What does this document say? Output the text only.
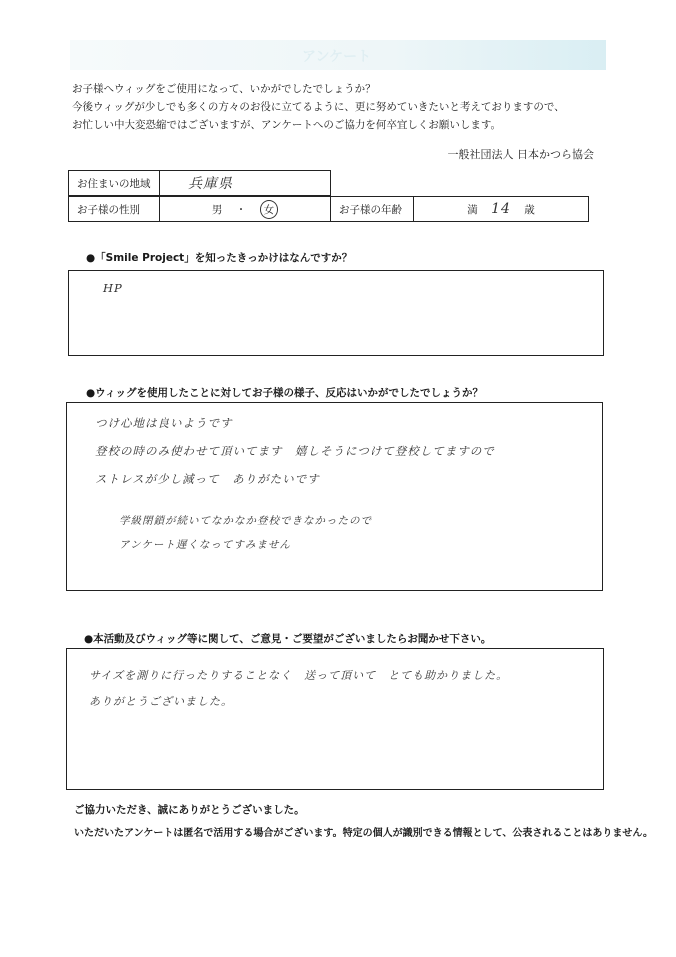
アンケート
お子様へウィッグをご使用になって、いかがでしたでしょうか？
今後ウィッグが少しでも多くの方々のお役に立てるように、更に努めていきたいと考えておりますので、
お忙しい中大変恐縮ではございますが、アンケートへのご協力を何卒宜しくお願いします。
一般社団法人 日本かつら協会
お住まいの地域	兵庫県
お子様の性別	男 ・ 女	お子様の年齢	満 14 歳
●「Smile Project」を知ったきっかけはなんですか？
HP
●ウィッグを使用したことに対してお子様の様子、反応はいかがでしたでしょうか？
つけ心地は良いようです
登校の時のみ使わせて頂いてます　嬉しそうにつけて登校してますので
ストレスが少し減って　ありがたいです
学級閉鎖が続いてなかなか登校できなかったので
アンケート遅くなってすみません
●本活動及びウィッグ等に関して、ご意見・ご要望がございましたらお聞かせ下さい。
サイズを測りに行ったりすることなく　送って頂いて　とても助かりました。
ありがとうございました。
ご協力いただき、誠にありがとうございました。
いただいたアンケートは匿名で活用する場合がございます。特定の個人が識別できる情報として、公表されることはありません。
